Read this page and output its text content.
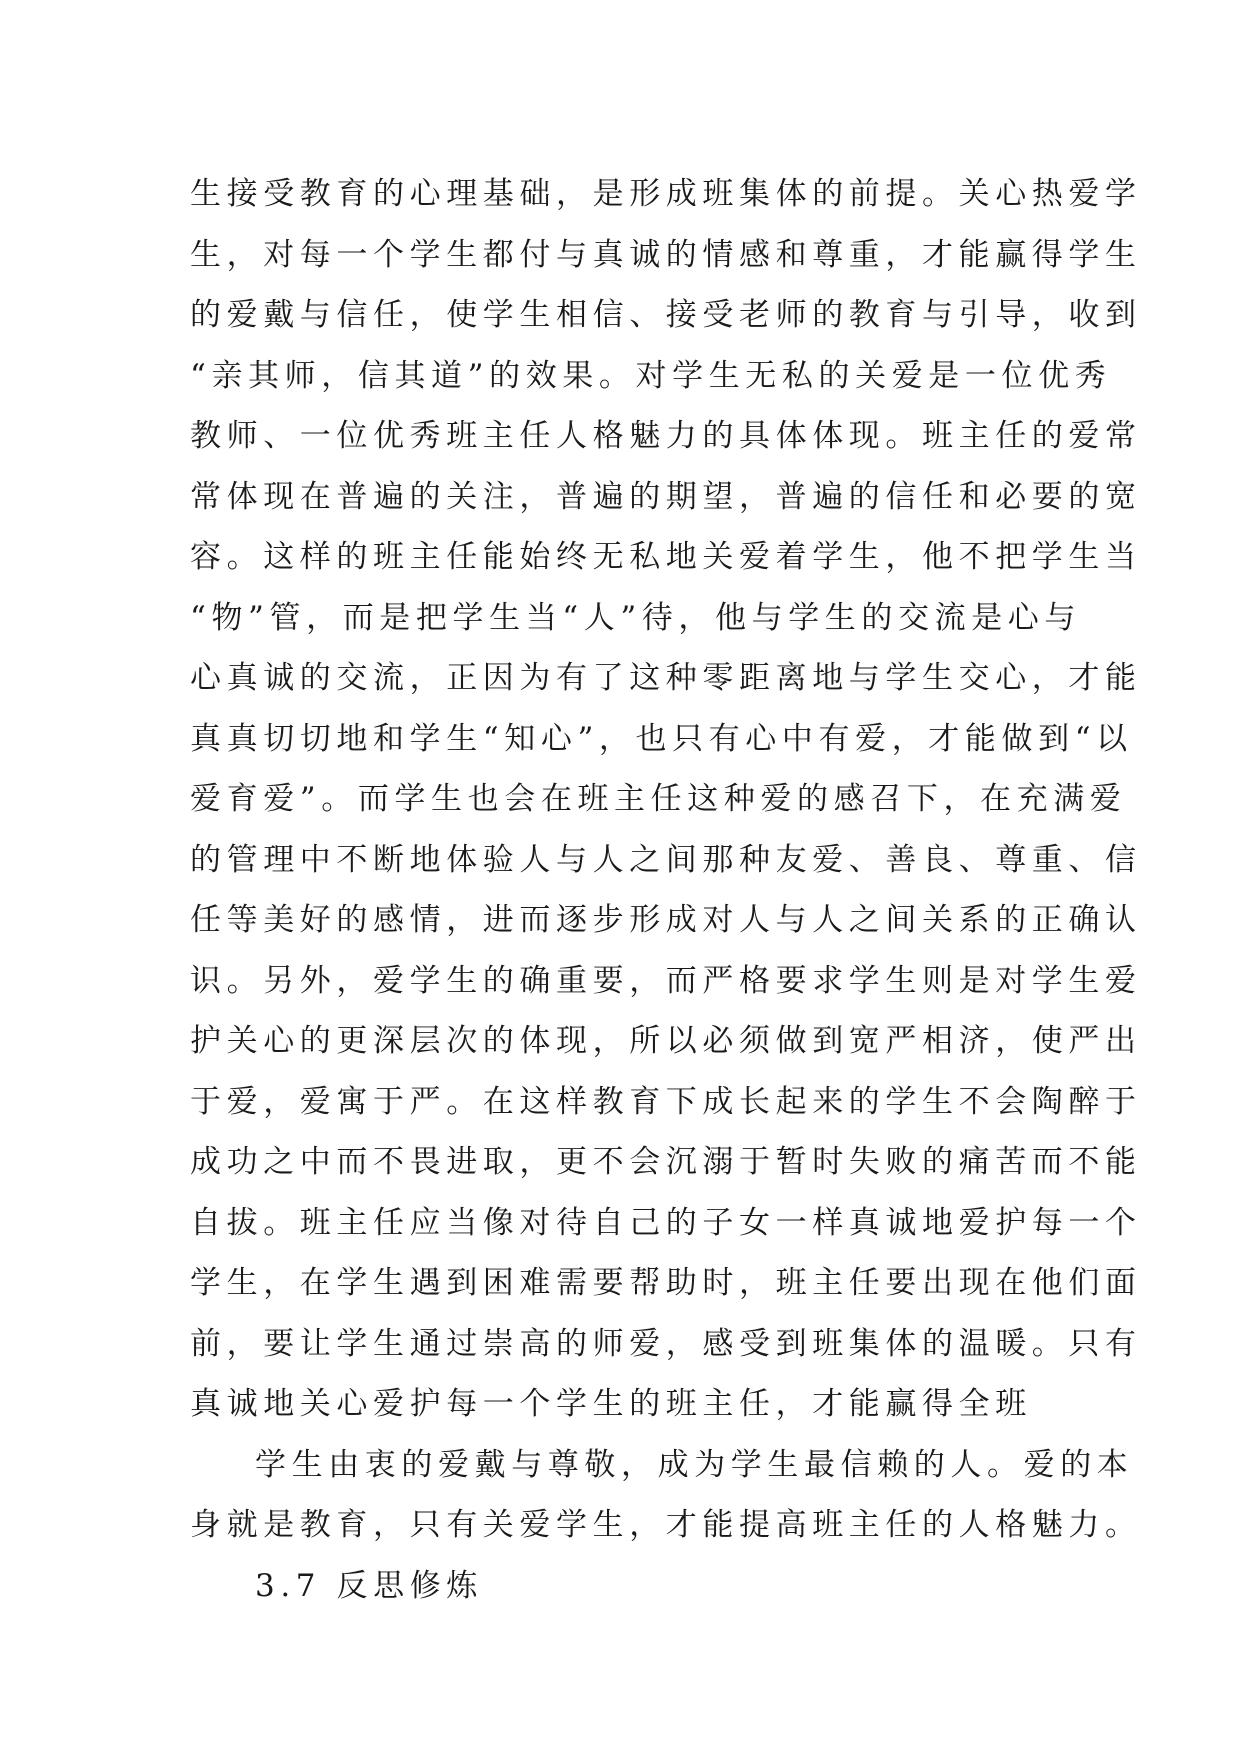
生接受教育的心理基础，是形成班集体的前提。关心热爱学
生，对每一个学生都付与真诚的情感和尊重，才能赢得学生
的爱戴与信任，使学生相信、接受老师的教育与引导，收到
“亲其师，信其道”的效果。对学生无私的关爱是一位优秀
教师、一位优秀班主任人格魅力的具体体现。班主任的爱常
常体现在普遍的关注，普遍的期望，普遍的信任和必要的宽
容。这样的班主任能始终无私地关爱着学生，他不把学生当
“物”管，而是把学生当“人”待，他与学生的交流是心与
心真诚的交流，正因为有了这种零距离地与学生交心，才能
真真切切地和学生“知心”，也只有心中有爱，才能做到“以
爱育爱”。而学生也会在班主任这种爱的感召下，在充满爱
的管理中不断地体验人与人之间那种友爱、善良、尊重、信
任等美好的感情，进而逐步形成对人与人之间关系的正确认
识。另外，爱学生的确重要，而严格要求学生则是对学生爱
护关心的更深层次的体现，所以必须做到宽严相济，使严出
于爱，爱寓于严。在这样教育下成长起来的学生不会陶醉于
成功之中而不畏进取，更不会沉溺于暂时失败的痛苦而不能
自拔。班主任应当像对待自己的子女一样真诚地爱护每一个
学生，在学生遇到困难需要帮助时，班主任要出现在他们面
前，要让学生通过崇高的师爱，感受到班集体的温暖。只有
真诚地关心爱护每一个学生的班主任，才能赢得全班
学生由衷的爱戴与尊敬，成为学生最信赖的人。爱的本
身就是教育，只有关爱学生，才能提高班主任的人格魅力。
3.7 反思修炼
